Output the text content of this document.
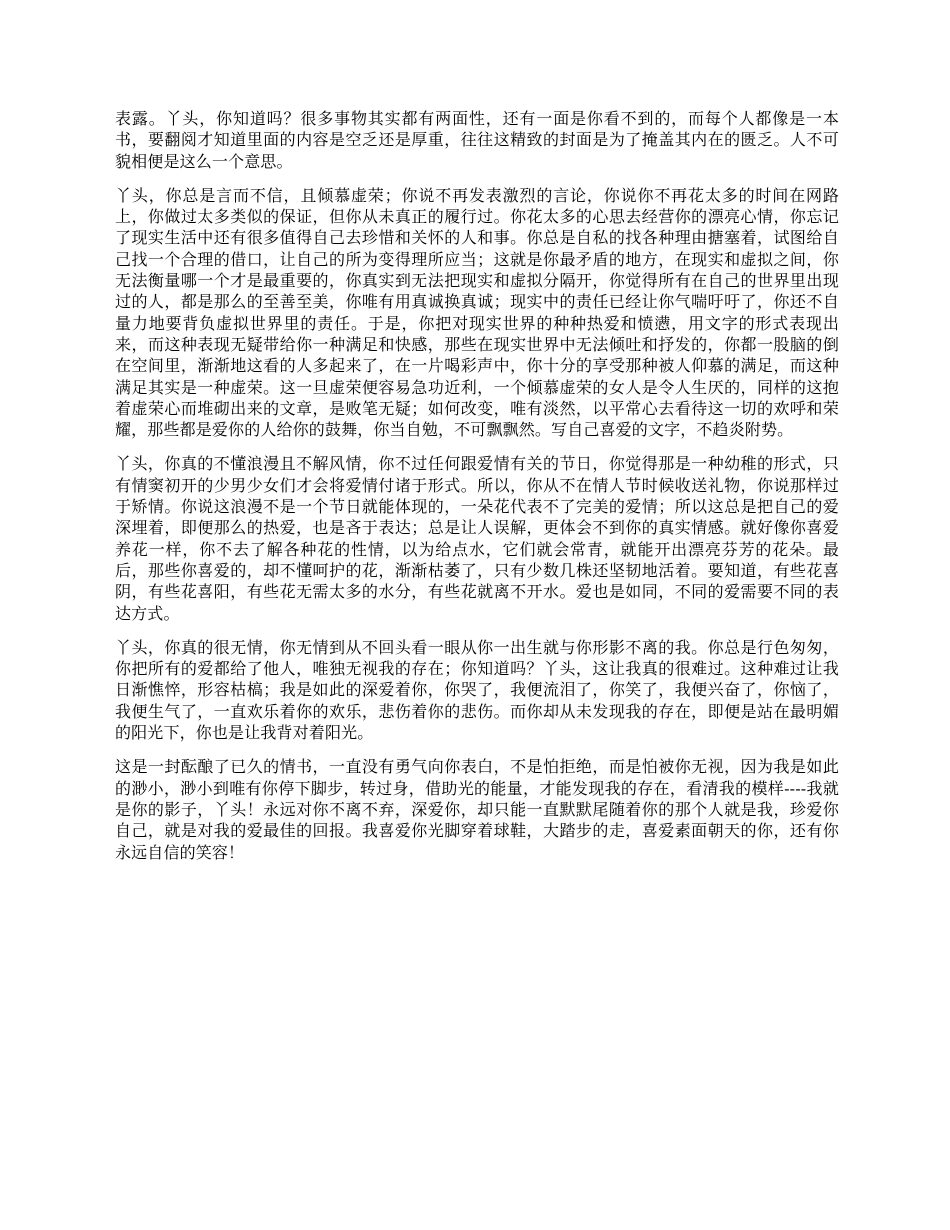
表露。丫头，你知道吗？很多事物其实都有两面性，还有一面是你看不到的，而每个人都像是一本书，要翻阅才知道里面的内容是空乏还是厚重，往往这精致的封面是为了掩盖其内在的匮乏。人不可貌相便是这么一个意思。

丫头，你总是言而不信，且倾慕虚荣；你说不再发表激烈的言论，你说你不再花太多的时间在网路上，你做过太多类似的保证，但你从未真正的履行过。你花太多的心思去经营你的漂亮心情，你忘记了现实生活中还有很多值得自己去珍惜和关怀的人和事。你总是自私的找各种理由搪塞着，试图给自己找一个合理的借口，让自己的所为变得理所应当；这就是你最矛盾的地方，在现实和虚拟之间，你无法衡量哪一个才是最重要的，你真实到无法把现实和虚拟分隔开，你觉得所有在自己的世界里出现过的人，都是那么的至善至美，你唯有用真诚换真诚；现实中的责任已经让你气喘吁吁了，你还不自量力地要背负虚拟世界里的责任。于是，你把对现实世界的种种热爱和愤懑，用文字的形式表现出来，而这种表现无疑带给你一种满足和快感，那些在现实世界中无法倾吐和抒发的，你都一股脑的倒在空间里，渐渐地这看的人多起来了，在一片喝彩声中，你十分的享受那种被人仰慕的满足，而这种满足其实是一种虚荣。这一旦虚荣便容易急功近利，一个倾慕虚荣的女人是令人生厌的，同样的这抱着虚荣心而堆砌出来的文章，是败笔无疑；如何改变，唯有淡然，以平常心去看待这一切的欢呼和荣耀，那些都是爱你的人给你的鼓舞，你当自勉，不可飘飘然。写自己喜爱的文字，不趋炎附势。

丫头，你真的不懂浪漫且不解风情，你不过任何跟爱情有关的节日，你觉得那是一种幼稚的形式，只有情窦初开的少男少女们才会将爱情付诸于形式。所以，你从不在情人节时候收送礼物，你说那样过于矫情。你说这浪漫不是一个节日就能体现的，一朵花代表不了完美的爱情；所以这总是把自己的爱深埋着，即便那么的热爱，也是吝于表达；总是让人误解，更体会不到你的真实情感。就好像你喜爱养花一样，你不去了解各种花的性情，以为给点水，它们就会常青，就能开出漂亮芬芳的花朵。最后，那些你喜爱的，却不懂呵护的花，渐渐枯萎了，只有少数几株还坚韧地活着。要知道，有些花喜阴，有些花喜阳，有些花无需太多的水分，有些花就离不开水。爱也是如同，不同的爱需要不同的表达方式。

丫头，你真的很无情，你无情到从不回头看一眼从你一出生就与你形影不离的我。你总是行色匆匆，你把所有的爱都给了他人，唯独无视我的存在；你知道吗？丫头，这让我真的很难过。这种难过让我日渐憔悴，形容枯槁；我是如此的深爱着你，你哭了，我便流泪了，你笑了，我便兴奋了，你恼了，我便生气了，一直欢乐着你的欢乐，悲伤着你的悲伤。而你却从未发现我的存在，即便是站在最明媚的阳光下，你也是让我背对着阳光。

这是一封酝酿了已久的情书，一直没有勇气向你表白，不是怕拒绝，而是怕被你无视，因为我是如此的渺小，渺小到唯有你停下脚步，转过身，借助光的能量，才能发现我的存在，看清我的模样----我就是你的影子，丫头！永远对你不离不弃，深爱你，却只能一直默默尾随着你的那个人就是我，珍爱你自己，就是对我的爱最佳的回报。我喜爱你光脚穿着球鞋，大踏步的走，喜爱素面朝天的你，还有你永远自信的笑容！
